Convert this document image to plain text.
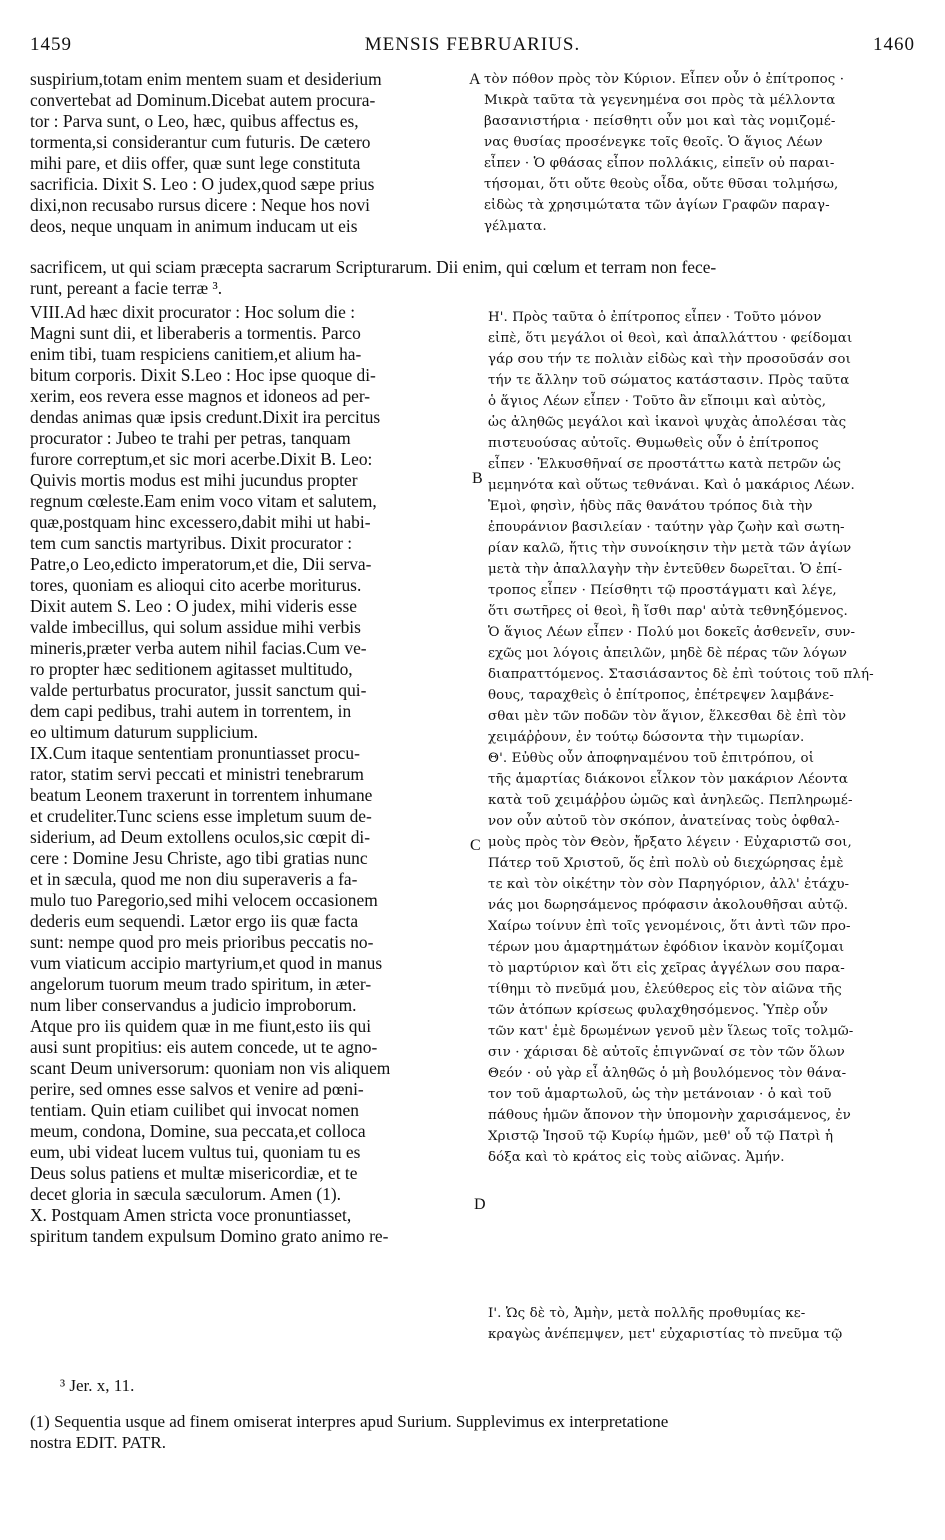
1459	MENSIS FEBRUARIUS.	1460
suspirium,totam enim mentem suam et desiderium
convertebat ad Dominum.Dicebat autem procura-
tor : Parva sunt, o Leo, hæc, quibus affectus es,
tormenta,si considerantur cum futuris. De cætero
mihi pare, et diis offer, quæ sunt lege constituta
sacrificia. Dixit S. Leo : O judex,quod sæpe prius
dixi,non recusabo rursus dicere : Neque hos novi
deos, neque unquam in animum inducam ut eis
τὸν πόθον πρὸς τὸν Κύριον. Εἶπεν οὖν ὁ ἐπίτροπος ·
Μικρὰ ταῦτα τὰ γεγενημένα σοι πρὸς τὰ μέλλοντα
βασανιστήρια · πείσθητι οὖν μοι καὶ τὰς νομιζομέ-
νας θυσίας προσένεγκε τοῖς θεοῖς. Ὁ ἅγιος Λέων
εἶπεν · Ὁ φθάσας εἶπον πολλάκις, εἰπεῖν οὐ παραι-
τήσομαι, ὅτι οὔτε θεοὺς οἶδα, οὔτε θῦσαι τολμήσω,
εἰδὼς τὰ χρησιμώτατα τῶν ἁγίων Γραφῶν παραγ-
γέλματα.
sacrificem, ut qui sciam præcepta sacrarum Scripturarum. Dii enim, qui cœlum et terram non fece-
runt, pereant a facie terræ ³.
VIII.Ad hæc dixit procurator : Hoc solum die :
Magni sunt dii, et liberaberis a tormentis. Parco
enim tibi, tuam respiciens canitiem,et alium ha-
bitum corporis. Dixit S.Leo : Hoc ipse quoque di-
xerim, eos revera esse magnos et idoneos ad per-
dendas animas quæ ipsis credunt.Dixit ira percitus
procurator : Jubeo te trahi per petras, tanquam
furore correptum,et sic mori acerbe.Dixit B. Leo:
Quivis mortis modus est mihi jucundus propter
regnum cœleste.Eam enim voco vitam et salutem,
quæ,postquam hinc excessero,dabit mihi ut habi-
tem cum sanctis martyribus. Dixit procurator :
Patre,o Leo,edicto imperatorum,et die, Dii serva-
tores, quoniam es alioqui cito acerbe moriturus.
Dixit autem S. Leo : O judex, mihi videris esse
valde imbecillus, qui solum assidue mihi verbis
mineris,præter verba autem nihil facias.Cum ve-
ro propter hæc seditionem agitasset multitudo,
valde perturbatus procurator, jussit sanctum qui-
dem capi pedibus, trahi autem in torrentem, in
eo ultimum daturum supplicium.
IX.Cum itaque sententiam pronuntiasset procu-
rator, statim servi peccati et ministri tenebrarum
beatum Leonem traxerunt in torrentem inhumane
et crudeliter.Tunc sciens esse impletum suum de-
siderium, ad Deum extollens oculos,sic cœpit di-
cere : Domine Jesu Christe, ago tibi gratias nunc
et in sæcula, quod me non diu superaveris a fa-
mulo tuo Paregorio,sed mihi velocem occasionem
dederis eum sequendi. Lætor ergo iis quæ facta
sunt: nempe quod pro meis prioribus peccatis no-
vum viaticum accipio martyrium,et quod in manus
angelorum tuorum meum trado spiritum, in æter-
num liber conservandus a judicio improborum.
Atque pro iis quidem quæ in me fiunt,esto iis qui
ausi sunt propitius: eis autem concede, ut te agno-
scant Deum universorum: quoniam non vis aliquem
perire, sed omnes esse salvos et venire ad pœni-
tentiam. Quin etiam cuilibet qui invocat nomen
meum, condona, Domine, sua peccata,et colloca
eum, ubi videat lucem vultus tui, quoniam tu es
Deus solus patiens et multæ misericordiæ, et te
decet gloria in sæcula sæculorum. Amen (1).
X. Postquam Amen stricta voce pronuntiasset,
spiritum tandem expulsum Domino grato animo re-
Η'. Πρὸς ταῦτα ὁ ἐπίτροπος εἶπεν · Τοῦτο μόνον
εἰπὲ, ὅτι μεγάλοι οἱ θεοὶ, καὶ ἀπαλλάττου · φείδομαι
γάρ σου τήν τε πολιὰν εἰδὼς καὶ τὴν προσοῦσάν σοι
τήν τε ἄλλην τοῦ σώματος κατάστασιν. Πρὸς ταῦτα
ὁ ἅγιος Λέων εἶπεν · Τοῦτο ἂν εἴποιμι καὶ αὐτὸς,
ὡς ἀληθῶς μεγάλοι καὶ ἱκανοὶ ψυχὰς ἀπολέσαι τὰς
πιστευούσας αὐτοῖς. Θυμωθεὶς οὖν ὁ ἐπίτροπος
εἶπεν · Ἑλκυσθῆναί σε προστάττω κατὰ πετρῶν ὡς
μεμηνότα καὶ οὕτως τεθνάναι. Καὶ ὁ μακάριος Λέων.
Ἐμοὶ, φησὶν, ἡδὺς πᾶς θανάτου τρόπος διὰ τὴν
ἐπουράνιον βασιλείαν · ταύτην γὰρ ζωὴν καὶ σωτη-
ρίαν καλῶ, ἥτις τὴν συνοίκησιν τὴν μετὰ τῶν ἁγίων
μετὰ τὴν ἀπαλλαγὴν τὴν ἐντεῦθεν δωρεῖται. Ὁ ἐπί-
τροπος εἶπεν · Πείσθητι τῷ προστάγματι καὶ λέγε,
ὅτι σωτῆρες οἱ θεοὶ, ἢ ἴσθι παρ' αὐτὰ τεθνηξόμενος.
Ὁ ἅγιος Λέων εἶπεν · Πολύ μοι δοκεῖς ἀσθενεῖν, συν-
εχῶς μοι λόγοις ἀπειλῶν, μηδὲ δὲ πέρας τῶν λόγων
διαπραττόμενος. Στασιάσαντος δὲ ἐπὶ τούτοις τοῦ πλή-
θους, ταραχθεὶς ὁ ἐπίτροπος, ἐπέτρεψεν λαμβάνε-
σθαι μὲν τῶν ποδῶν τὸν ἅγιον, ἕλκεσθαι δὲ ἐπὶ τὸν
χειμάῤῥουν, ἐν τούτῳ δώσοντα τὴν τιμωρίαν.
Θ'. Εὐθὺς οὖν ἀποφηναμένου τοῦ ἐπιτρόπου, οἱ
τῆς ἁμαρτίας διάκονοι εἷλκον τὸν μακάριον Λέοντα
κατὰ τοῦ χειμάῤῥου ὠμῶς καὶ ἀνηλεῶς. Πεπληρωμέ-
νον οὖν αὐτοῦ τὸν σκόπον, ἀνατείνας τοὺς ὀφθαλ-
μοὺς πρὸς τὸν Θεὸν, ἤρξατο λέγειν · Εὐχαριστῶ σοι,
Πάτερ τοῦ Χριστοῦ, ὅς ἐπὶ πολὺ οὐ διεχώρησας ἐμὲ
τε καὶ τὸν οἰκέτην τὸν σὸν Παρηγόριον, ἀλλ' ἐτάχυ-
νάς μοι δωρησάμενος πρόφασιν ἀκολουθῆσαι αὐτῷ.
Χαίρω τοίνυν ἐπὶ τοῖς γενομένοις, ὅτι ἀντὶ τῶν προ-
τέρων μου ἁμαρτημάτων ἐφόδιον ἱκανὸν κομίζομαι
τὸ μαρτύριον καὶ ὅτι εἰς χεῖρας ἀγγέλων σου παρα-
τίθημι τὸ πνεῦμά μου, ἐλεύθερος εἰς τὸν αἰῶνα τῆς
τῶν ἀτόπων κρίσεως φυλαχθησόμενος. Ὑπὲρ οὖν
τῶν κατ' ἐμὲ δρωμένων γενοῦ μὲν ἵλεως τοῖς τολμῶ-
σιν · χάρισαι δὲ αὐτοῖς ἐπιγνῶναί σε τὸν τῶν ὅλων
Θεόν · οὐ γὰρ εἶ ἀληθῶς ὁ μὴ βουλόμενος τὸν θάνα-
τον τοῦ ἁμαρτωλοῦ, ὡς τὴν μετάνοιαν · ὁ καὶ τοῦ
πάθους ἡμῶν ἄπονον τὴν ὑπομονὴν χαρισάμενος, ἐν
Χριστῷ Ἰησοῦ τῷ Κυρίῳ ἡμῶν, μεθ' οὗ τῷ Πατρὶ ἡ
δόξα καὶ τὸ κράτος εἰς τοὺς αἰῶνας. Ἀμήν.
Ι'. Ὡς δὲ τὸ, Ἀμὴν, μετὰ πολλῆς προθυμίας κε-
κραγὼς ἀνέπεμψεν, μετ' εὐχαριστίας τὸ πνεῦμα τῷ
A
B
C
D
³ Jer. x, 11.
(1) Sequentia usque ad finem omiserat interpres apud Surium. Supplevimus ex interpretatione
nostra EDIT. PATR.
